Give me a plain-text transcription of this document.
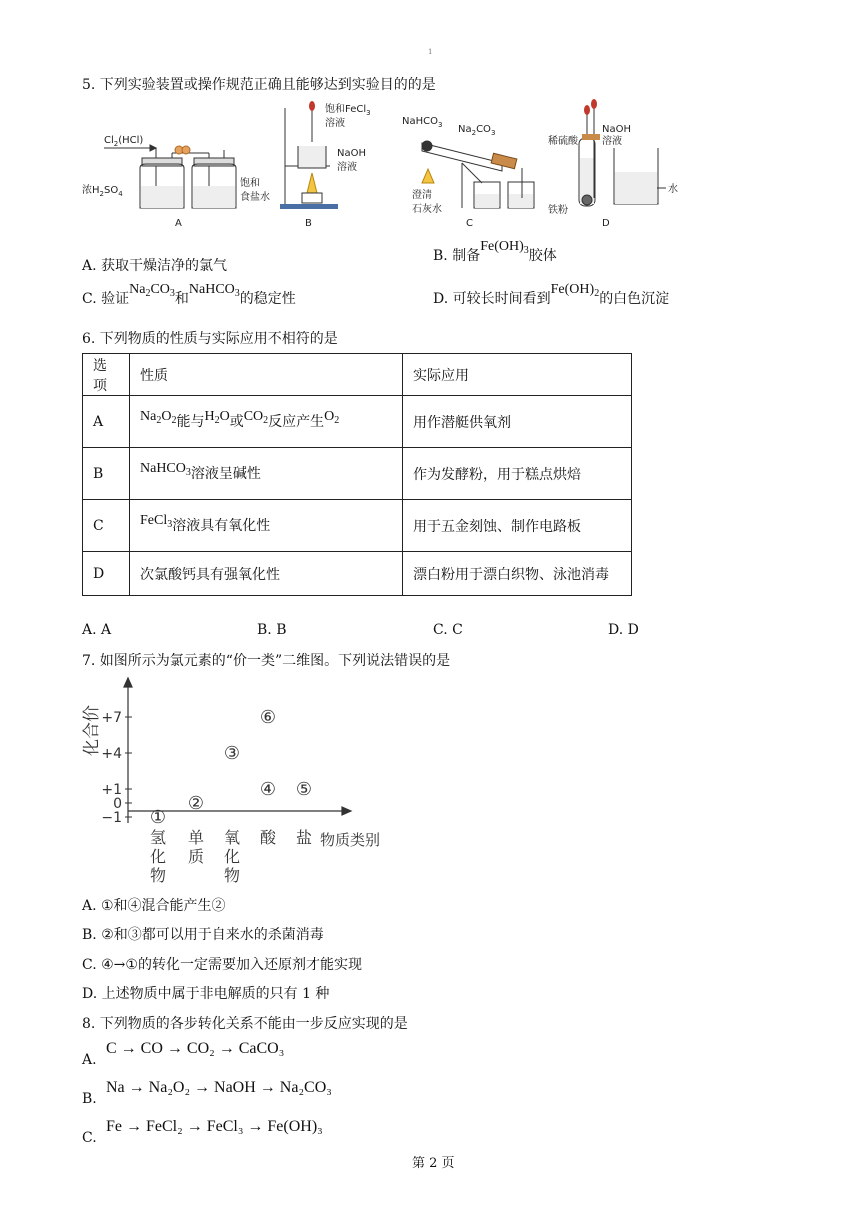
1
5. 下列实验装置或操作规范正确且能够达到实验目的的是
$Cl_2(HCl)$
浓$H_2SO_4$
饱和
食盐水
A
饱和FeCl$_3$
溶液
NaOH
溶液
B
NaHCO$_3$ $Na_2CO_3$
澄清
石灰水
C
稀硫酸
NaOH
溶液
水
铁粉
D
A. 获取干燥洁净的氯气
B. 制备$Fe(OH)_3$胶体
C. 验证$Na_2CO_3$和NaHCO$_3$的稳定性	D. 可较长时间看到$Fe(OH)_2$的白色沉淀
6. 下列物质的性质与实际应用不相符的是
选项	性质	实际应用
A	$Na_2O_2$能与$H_2O$或$CO_2$反应产生$O_2$	用作潜艇供氧剂
B	NaHCO$_3$溶液呈碱性	作为发酵粉，用于糕点烘焙
C	FeCl$_3$溶液具有氧化性	用于五金刻蚀、制作电路板
D	次氯酸钙具有强氧化性	漂白粉用于漂白织物、泳池消毒
A. A	B. B	C. C	D. D
7. 如图所示为氯元素的“价一类”二维图。下列说法错误的是
化合价
物质类别
+7
+4
+1
0
−1
氢
化
物
单
质
氧
化
物
酸 盐
①
②
③
④ ⑤
⑥
A. ①和④混合能产生②
B. ②和③都可以用于自来水的杀菌消毒
C. ④→①的转化一定需要加入还原剂才能实现
D. 上述物质中属于非电解质的只有 1 种
8. 下列物质的各步转化关系不能由一步反应实现的是
A.
C → CO → CO₂ → CaCO₃
B.
Na → Na₂O₂ → NaOH → Na₂CO₃
C.
Fe → FeCl₂ → FeCl₃ → Fe(OH)₃
第 2 页
